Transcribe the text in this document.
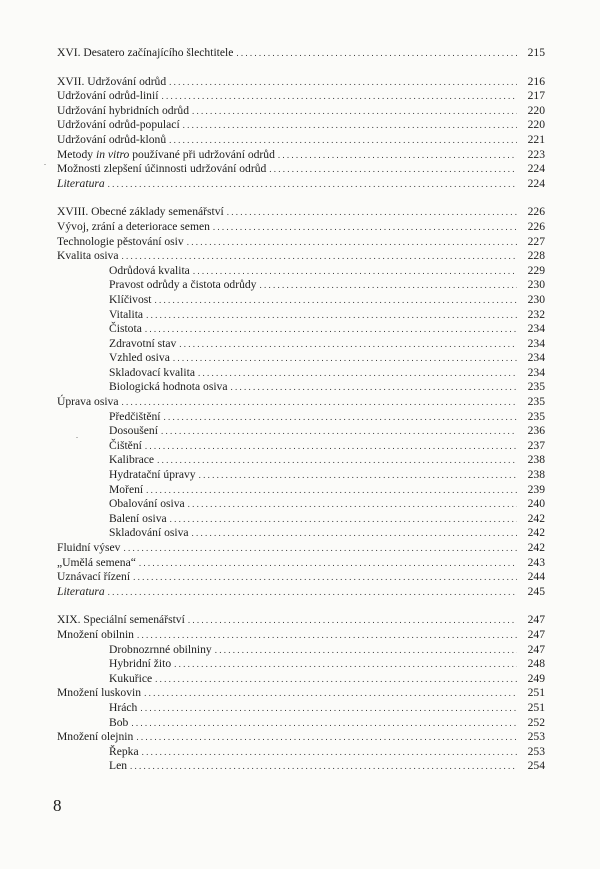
XVI. Desatero začínajícího šlechtitele . . .	215
XVII. Udržování odrůd . . .	216
Udržování odrůd-linií . . .	217
Udržování hybridních odrůd . . .	220
Udržování odrůd-populací . . .	220
Udržování odrůd-klonů . . .	221
Metody in vitro používané při udržování odrůd . . .	223
Možnosti zlepšení účinnosti udržování odrůd . . .	224
Literatura . . .	224
XVIII. Obecné základy semenářství . . .	226
Vývoj, zrání a deteriorace semen . . .	226
Technologie pěstování osiv . . .	227
Kvalita osiva . . .	228
Odrůdová kvalita . . .	229
Pravost odrůdy a čistota odrůdy . . .	230
Klíčivost . . .	230
Vitalita . . .	232
Čistota . . .	234
Zdravotní stav . . .	234
Vzhled osiva . . .	234
Skladovací kvalita . . .	234
Biologická hodnota osiva . . .	235
Úprava osiva . . .	235
Předčištění . . .	235
Dosoušení . . .	236
Čištění . . .	237
Kalibrace . . .	238
Hydratační úpravy . . .	238
Moření . . .	239
Obalování osiva . . .	240
Balení osiva . . .	242
Skladování osiva . . .	242
Fluidní výsev . . .	242
„Umělá semena“ . . .	243
Uznávací řízení . . .	244
Literatura . . .	245
XIX. Speciální semenářství . . .	247
Množení obilnin . . .	247
Drobnozrnné obilniny . . .	247
Hybridní žito . . .	248
Kukuřice . . .	249
Množení luskovin . . .	251
Hrách . . .	251
Bob . . .	252
Množení olejnin . . .	253
Řepka . . .	253
Len . . .	254
8
.
.
